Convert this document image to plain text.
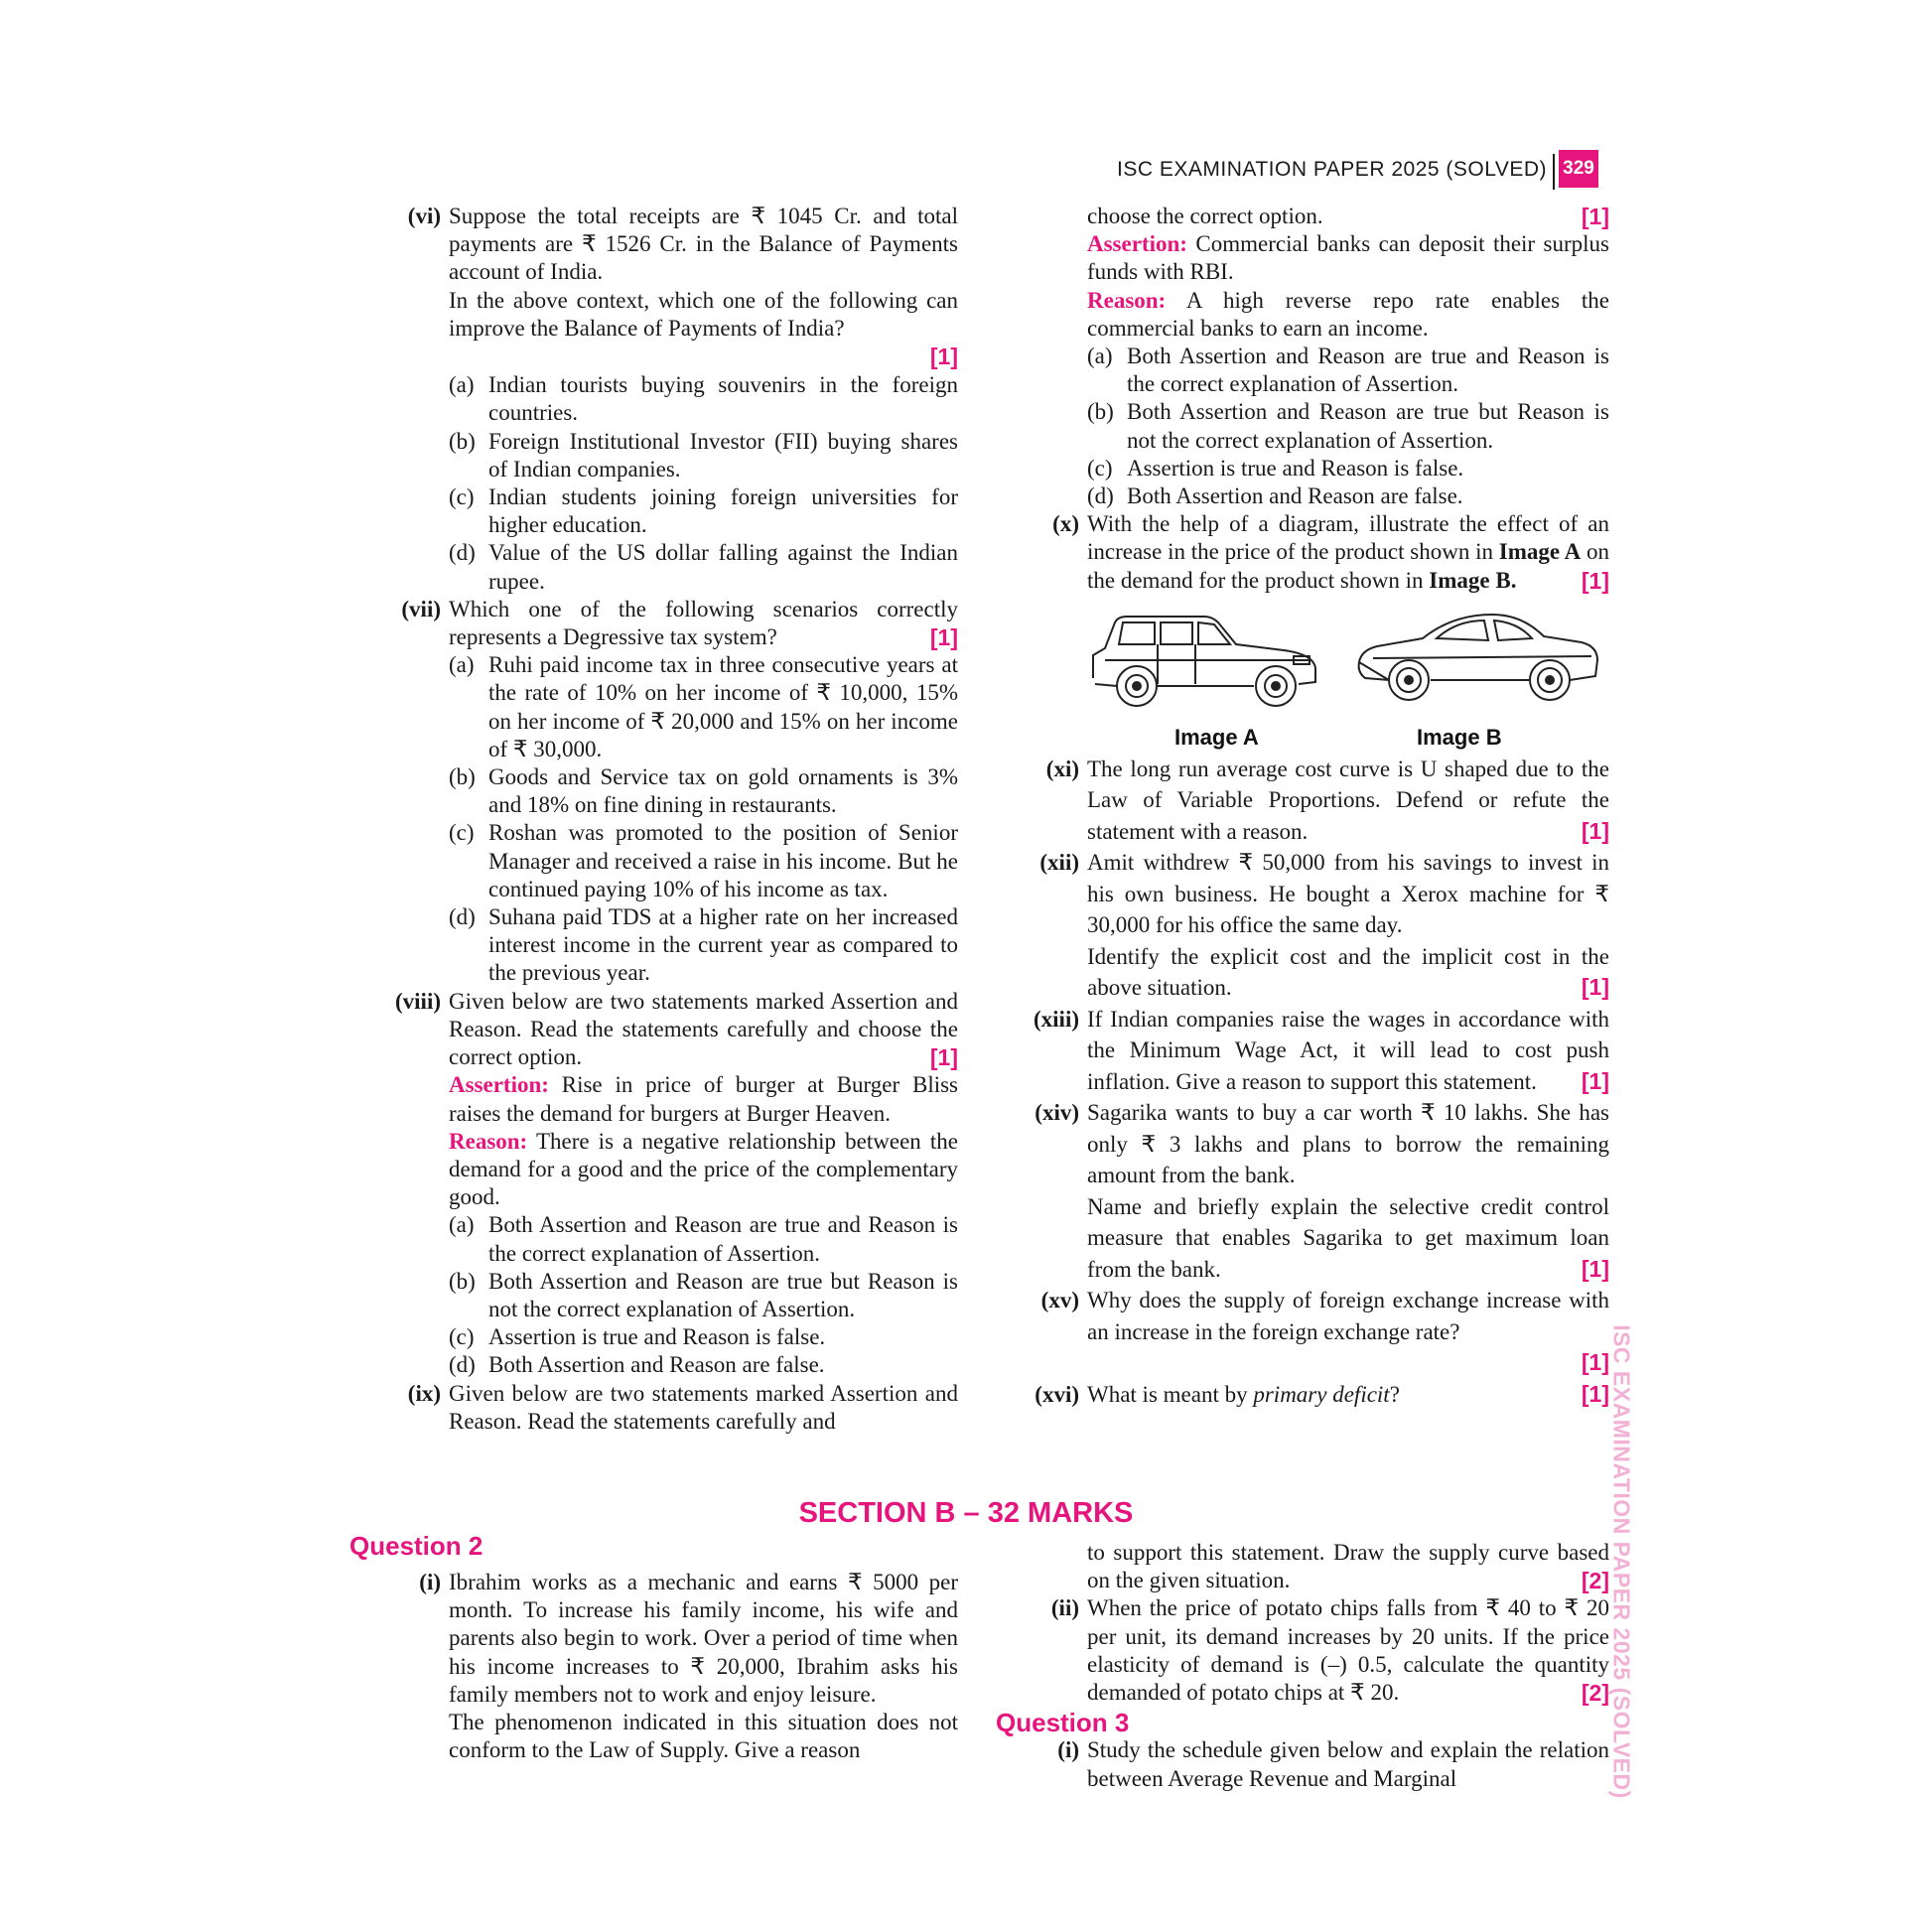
ISC EXAMINATION PAPER 2025 (SOLVED) 329
ISC EXAMINATION PAPER 2025 (SOLVED)
(vi) Suppose the total receipts are ₹ 1045 Cr. and total payments are ₹ 1526 Cr. in the Balance of Payments account of India.
In the above context, which one of the following can improve the Balance of Payments of India?
[1]
(a) Indian tourists buying souvenirs in the foreign countries.
(b) Foreign Institutional Investor (FII) buying shares of Indian companies.
(c) Indian students joining foreign universities for higher education.
(d) Value of the US dollar falling against the Indian rupee.
(vii) Which one of the following scenarios correctly represents a Degressive tax system?	[1]
(a) Ruhi paid income tax in three consecutive years at the rate of 10% on her income of ₹ 10,000, 15% on her income of ₹ 20,000 and 15% on her income of ₹ 30,000.
(b) Goods and Service tax on gold ornaments is 3% and 18% on fine dining in restaurants.
(c) Roshan was promoted to the position of Senior Manager and received a raise in his income. But he continued paying 10% of his income as tax.
(d) Suhana paid TDS at a higher rate on her increased interest income in the current year as compared to the previous year.
(viii) Given below are two statements marked Assertion and Reason. Read the statements carefully and choose the correct option.	[1]
Assertion: Rise in price of burger at Burger Bliss raises the demand for burgers at Burger Heaven.
Reason: There is a negative relationship between the demand for a good and the price of the complementary good.
(a) Both Assertion and Reason are true and Reason is the correct explanation of Assertion.
(b) Both Assertion and Reason are true but Reason is not the correct explanation of Assertion.
(c) Assertion is true and Reason is false.
(d) Both Assertion and Reason are false.
(ix) Given below are two statements marked Assertion and Reason. Read the statements carefully and
choose the correct option.	[1]
Assertion: Commercial banks can deposit their surplus funds with RBI.
Reason: A high reverse repo rate enables the commercial banks to earn an income.
(a) Both Assertion and Reason are true and Reason is the correct explanation of Assertion.
(b) Both Assertion and Reason are true but Reason is not the correct explanation of Assertion.
(c) Assertion is true and Reason is false.
(d) Both Assertion and Reason are false.
(x) With the help of a diagram, illustrate the effect of an increase in the price of the product shown in Image A on the demand for the product shown in Image B.	[1]
Image A	Image B
(xi) The long run average cost curve is U shaped due to the Law of Variable Proportions. Defend or refute the statement with a reason.	[1]
(xii) Amit withdrew ₹ 50,000 from his savings to invest in his own business. He bought a Xerox machine for ₹ 30,000 for his office the same day.
Identify the explicit cost and the implicit cost in the above situation.	[1]
(xiii) If Indian companies raise the wages in accordance with the Minimum Wage Act, it will lead to cost push inflation. Give a reason to support this statement. [1]
(xiv) Sagarika wants to buy a car worth ₹ 10 lakhs. She has only ₹ 3 lakhs and plans to borrow the remaining amount from the bank.
Name and briefly explain the selective credit control measure that enables Sagarika to get maximum loan from the bank.	[1]
(xv) Why does the supply of foreign exchange increase with an increase in the foreign exchange rate?
[1]
(xvi) What is meant by primary deficit?	[1]
SECTION B – 32 MARKS
Question 2
(i) Ibrahim works as a mechanic and earns ₹ 5000 per month. To increase his family income, his wife and parents also begin to work. Over a period of time when his income increases to ₹ 20,000, Ibrahim asks his family members not to work and enjoy leisure.
The phenomenon indicated in this situation does not conform to the Law of Supply. Give a reason
to support this statement. Draw the supply curve based on the given situation.	[2]
(ii) When the price of potato chips falls from ₹ 40 to ₹ 20 per unit, its demand increases by 20 units. If the price elasticity of demand is (–) 0.5, calculate the quantity demanded of potato chips at ₹ 20.	[2]
Question 3
(i) Study the schedule given below and explain the relation between Average Revenue and Marginal
